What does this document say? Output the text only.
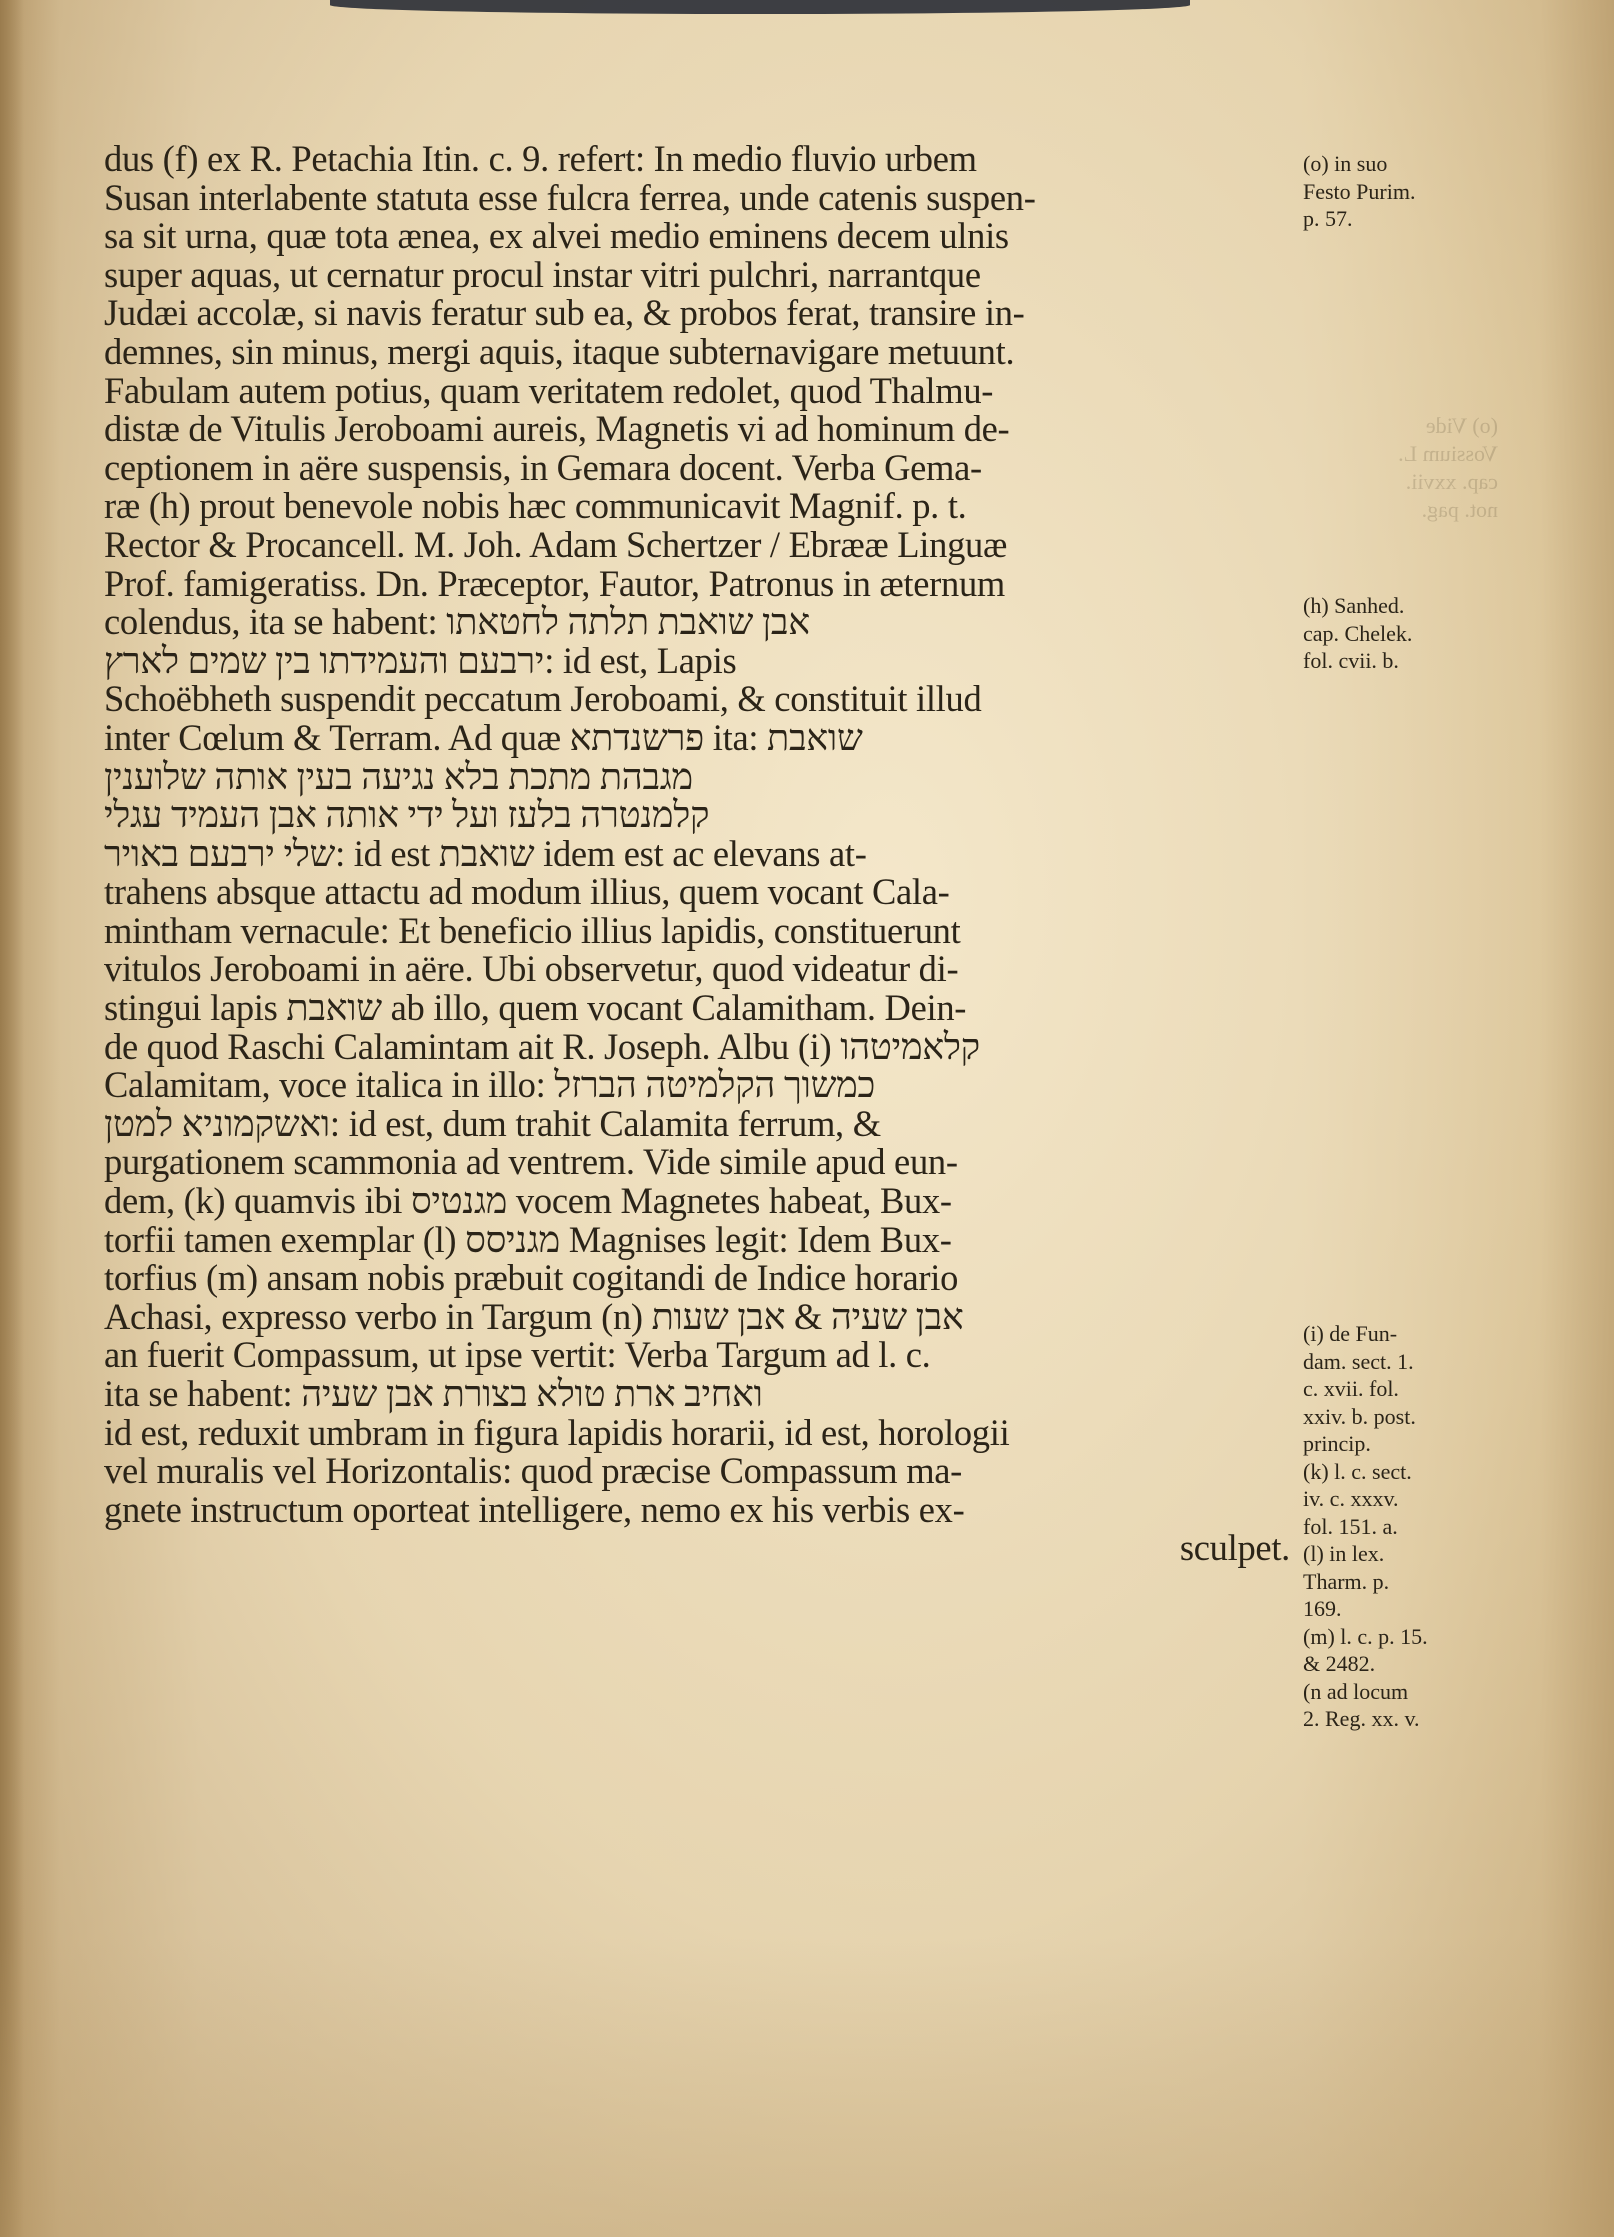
(o) Vide
Vossium L.
cap. xxvii.
not. pag.
dus (f) ex R. Petachia Itin. c. 9. refert: In medio fluvio urbem
Susan interlabente statuta esse fulcra ferrea, unde catenis suspen-
sa sit urna, quæ tota ænea, ex alvei medio eminens decem ulnis
super aquas, ut cernatur procul instar vitri pulchri, narrantque
Judæi accolæ, si navis feratur sub ea, & probos ferat, transire in-
demnes, sin minus, mergi aquis, itaque subternavigare metuunt.
Fabulam autem potius, quam veritatem redolet, quod Thalmu-
distæ de Vitulis Jeroboami aureis, Magnetis vi ad hominum de-
ceptionem in aëre suspensis, in Gemara docent. Verba Gema-
ræ (h) prout benevole nobis hæc communicavit Magnif. p. t.
Rector & Procancell. M. Joh. Adam Schertzer / Ebrææ Linguæ
Prof. famigeratiss. Dn. Præceptor, Fautor, Patronus in æternum
colendus, ita se habent: אבן שואבת תלתה לחטאתו
ירבעם והעמידתו בין שמים לארץ: id est, Lapis
Schoëbheth suspendit peccatum Jeroboami, & constituit illud
inter Cœlum & Terram. Ad quæ פרשנדתא ita: שואבת
מגבהת מתכת בלא נגיעה בעין אותה שלוענין
קלמנטרה בלעז ועל ידי אותה אבן העמיד עגלי
שלי ירבעם באויר: id est שואבת idem est ac elevans at-
trahens absque attactu ad modum illius, quem vocant Cala-
mintham vernacule: Et beneficio illius lapidis, constituerunt
vitulos Jeroboami in aëre. Ubi observetur, quod videatur di-
stingui lapis שואבת ab illo, quem vocant Calamitham. Dein-
de quod Raschi Calamintam ait R. Joseph. Albu (i) קלאמיטהו
Calamitam, voce italica in illo: כמשוך הקלמיטה הברזל
ואשקמוניא למטן: id est, dum trahit Calamita ferrum, &
purgationem scammonia ad ventrem. Vide simile apud eun-
dem, (k) quamvis ibi מגנטיס vocem Magnetes habeat, Bux-
torfii tamen exemplar (l) מגניסס Magnises legit: Idem Bux-
torfius (m) ansam nobis præbuit cogitandi de Indice horario
Achasi, expresso verbo in Targum (n) אבן שעיה & אבן שעות
an fuerit Compassum, ut ipse vertit: Verba Targum ad l. c.
ita se habent: ואחיב ארת טולא בצורת אבן שעיה
id est, reduxit umbram in figura lapidis horarii, id est, horologii
vel muralis vel Horizontalis: quod præcise Compassum ma-
gnete instructum oporteat intelligere, nemo ex his verbis ex-
sculpet.
(o) in suo
Festo Purim.
p. 57.
(h) Sanhed.
cap. Chelek.
fol. cvii. b.
(i) de Fun-
dam. sect. 1.
c. xvii. fol.
xxiv. b. post.
princip.
(k) l. c. sect.
iv. c. xxxv.
fol. 151. a.
(l) in lex.
Tharm. p.
169.
(m) l. c. p. 15.
& 2482.
(n ad locum
2. Reg. xx. v.
